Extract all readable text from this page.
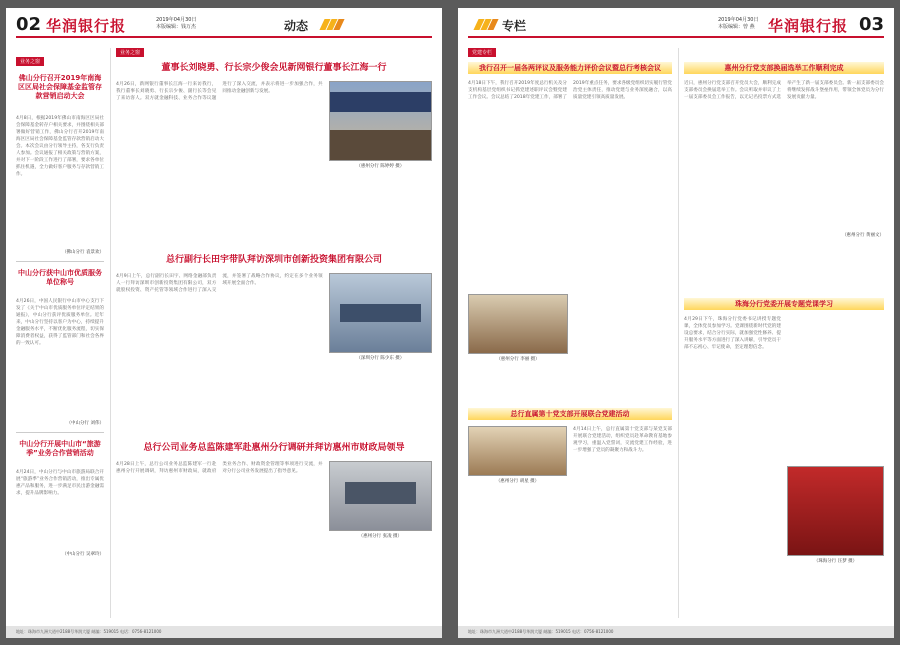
02 华润银行报	2019年04月30日
本版编辑：钱万杰	动态
业务之窗
佛山分行召开2019年南海区区局社会保障基金监管存款营销启动大会
4月8日，根据2019年佛山市南海区区局社会保障基金转存户相关要求，并围绕相关部署做好营销工作，佛山分行召开2019年南海区区局社会保障基金监管存款营销启动大会。本次会议由分行领导主持，各支行负责人参加。会议通报了相关政策与营销方案，并对下一阶段工作进行了部署，要求各单位抓住机遇，全力做好客户服务与存款营销工作。
（佛山分行 袁景欢）
中山分行获中山市优质服务单位称号
4月26日，中国人民银行中山市中心支行下发了《关于中山市优质服务单位评定结果的通报》，中山分行获评优质服务单位。近年来，中山分行坚持以客户为中心，持续提升金融服务水平，不断优化服务流程，切实保障消费者权益，获得了监管部门和社会各界的一致认可。
（中山分行 刘伟）
中山分行开展中山市“旅游季”业务合作营销活动
4月24日，中山分行与中山市旅游局联合开展“旅游季”业务合作营销活动，推出专属优惠产品和服务，进一步满足市民出游金融需求，提升品牌影响力。
（中山分行 吴翠玲）
业务之窗
董事长刘晓勇、行长宗少俊会见新网银行董事长江海一行
4月26日，新网银行董事长江海一行来访我行，我行董事长刘晓勇、行长宗少俊、副行长等会见了来访客人。双方就金融科技、业务合作等议题进行了深入交流，并表示将进一步加强合作，共同推动金融创新与发展。
（惠州分行 陈婷婷 摄）
总行副行长田宇带队拜访深圳市创新投资集团有限公司
4月9日上午，总行副行长田宇、网络金融部负责人一行拜访深圳市创新投资集团有限公司，双方就股权投资、资产托管等领域合作进行了深入交流，并签署了战略合作协议，约定在多个业务领域开展全面合作。
（深圳分行 陈少东 摄）
总行公司业务总监陈建军赴惠州分行调研并拜访惠州市财政局领导
4月28日上午，总行公司业务总监陈建军一行赴惠州分行开展调研，拜访惠州市财政局，就政府类业务合作、财政资金管理等事项进行交流，并对分行公司业务发展提出了指导意见。
（惠州分行 张凌 摄）
地址：珠海市九洲大道中2188号华润大厦 邮编：519015 电话：0756-8121000
专栏	2019年04月30日
本版编辑：曾 燕 华润银行报 03
党建专栏
我行召开一届各两评议及服务能力评价会议暨总行考核会议
4月18日下午，我行召开2019年度总行机关及分支机构基层党组织书记抓党建述职评议会暨党建工作会议。会议总结了2018年党建工作，部署了2019年重点任务，要求各级党组织切实履行管党治党主体责任，推动党建与业务深度融合，以高质量党建引领高质量发展。
（惠州分行 李丽 摄）
总行直属第十党支部开展联合党建活动
（惠州分行 胡星 摄）
4月14日上午，总行直属第十党支部与某党支部开展联合党建活动，组织党员赴革命教育基地参观学习，重温入党誓词，交流党建工作经验，进一步增强了党员的凝聚力和战斗力。
惠州分行党支部换届选举工作顺利完成
近日，惠州分行党支部召开党员大会，顺利完成支部委员会换届选举工作。会议听取并审议了上一届支部委员会工作报告，以无记名投票方式选举产生了新一届支部委员会。新一届支部委员会将继续发挥战斗堡垒作用，带领全体党员为分行发展贡献力量。
（惠州分行 黄丽文）
珠海分行党委开展专题党课学习
4月29日下午，珠海分行党委书记讲授专题党课，全体党员参加学习。党课围绕新时代党的建设总要求，结合分行实际，就加强党性修养、提升服务水平等方面进行了深入讲解，引导党员干部不忘初心、牢记使命，坚定理想信念。
（珠海分行 汪梦 摄）
地址：珠海市九洲大道中2188号华润大厦 邮编：519015 电话：0756-8121000
